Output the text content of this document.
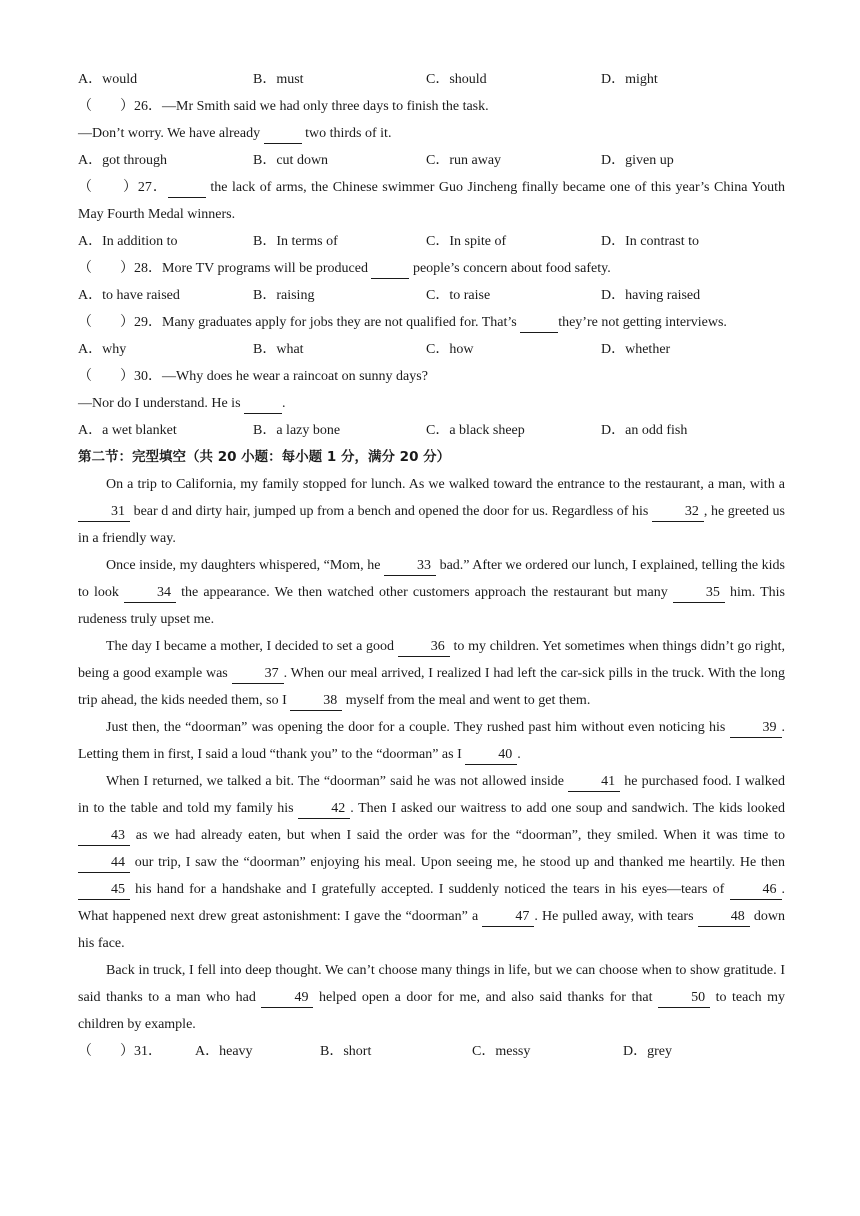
A．would	B．must	C．should	D．might
（　　）26．—Mr Smith said we had only three days to finish the task.
—Don’t worry. We have already	two thirds of it.
A．got through	B．cut down	C．run away	D．given up
（　　）27．	the lack of arms, the Chinese swimmer Guo Jincheng finally became one of this year’s China Youth May Fourth Medal winners.
A．In addition to	B．In terms of	C．In spite of	D．In contrast to
（　　）28．More TV programs will be produced	people’s concern about food safety.
A．to have raised	B．raising	C．to raise	D．having raised
（　　）29．Many graduates apply for jobs they are not qualified for. That’s	they’re not getting interviews.
A．why	B．what	C．how	D．whether
（　　）30．—Why does he wear a raincoat on sunny days?
—Nor do I understand. He is	.
A．a wet blanket	B．a lazy bone	C．a black sheep	D．an odd fish
第二节：完型填空（共 20 小题：每小题 1 分，满分 20 分）
On a trip to California, my family stopped for lunch. As we walked toward the entrance to the restaurant, a man, with a 31 bear d and dirty hair, jumped up from a bench and opened the door for us. Regardless of his 32 , he greeted us in a friendly way.
Once inside, my daughters whispered, “Mom, he 33 bad.” After we ordered our lunch, I explained, telling the kids to look 34 the appearance. We then watched other customers approach the restaurant but many 35 him. This rudeness truly upset me.
The day I became a mother, I decided to set a good 36 to my children. Yet sometimes when things didn’t go right, being a good example was 37 . When our meal arrived, I realized I had left the car-sick pills in the truck. With the long trip ahead, the kids needed them, so I 38 myself from the meal and went to get them.
Just then, the “doorman” was opening the door for a couple. They rushed past him without even noticing his 39 . Letting them in first, I said a loud “thank you” to the “doorman” as I 40 .
When I returned, we talked a bit. The “doorman” said he was not allowed inside 41 he purchased food. I walked in to the table and told my family his 42 . Then I asked our waitress to add one soup and sandwich. The kids looked 43 as we had already eaten, but when I said the order was for the “doorman”, they smiled. When it was time to 44 our trip, I saw the “doorman” enjoying his meal. Upon seeing me, he stood up and thanked me heartily. He then 45 his hand for a handshake and I gratefully accepted. I suddenly noticed the tears in his eyes—tears of 46 . What happened next drew great astonishment: I gave the “doorman” a 47 . He pulled away, with tears 48 down his face.
Back in truck, I fell into deep thought. We can’t choose many things in life, but we can choose when to show gratitude. I said thanks to a man who had 49 helped open a door for me, and also said thanks for that 50 to teach my children by example.
（　　）31． A．heavy	B．short	C．messy	D．grey
